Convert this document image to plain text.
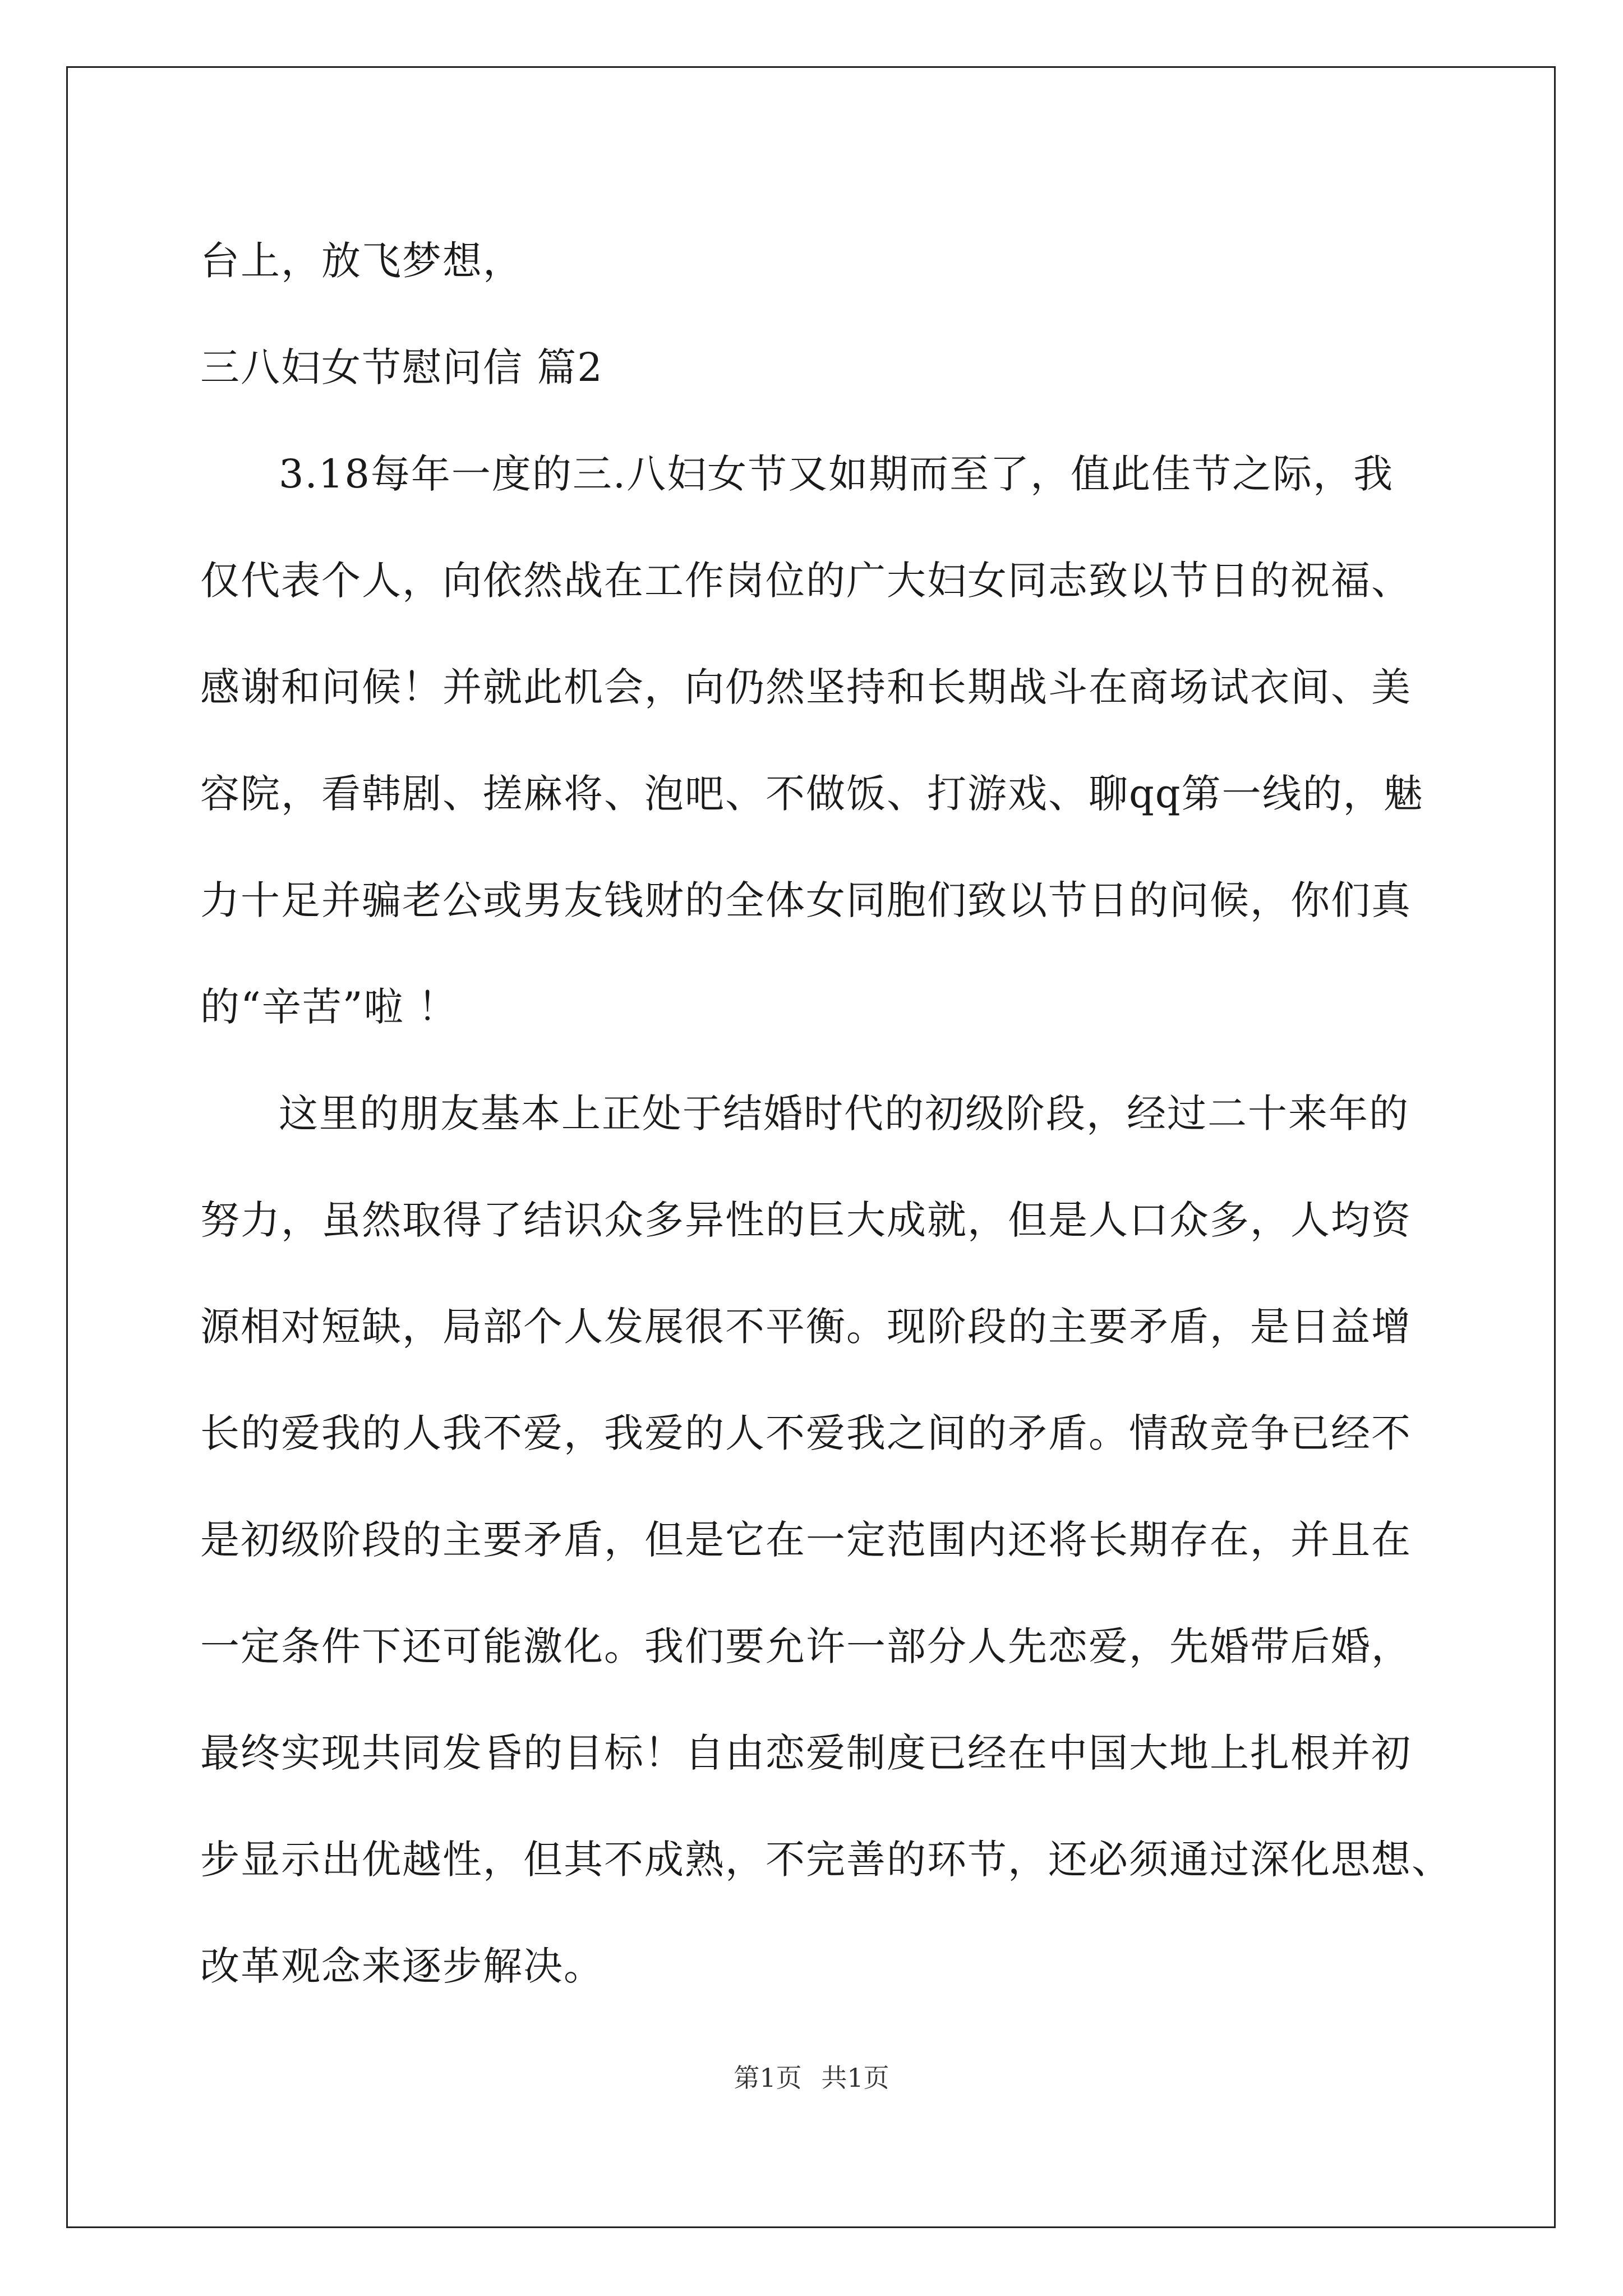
台上，放飞梦想，
三八妇女节慰问信 篇2
3.18每年一度的三.八妇女节又如期而至了，值此佳节之际，我
仅代表个人，向依然战在工作岗位的广大妇女同志致以节日的祝福、
感谢和问候！并就此机会，向仍然坚持和长期战斗在商场试衣间、美
容院，看韩剧、搓麻将、泡吧、不做饭、打游戏、聊qq第一线的，魅
力十足并骗老公或男友钱财的全体女同胞们致以节日的问候，你们真
的“辛苦”啦 ！
这里的朋友基本上正处于结婚时代的初级阶段，经过二十来年的
努力，虽然取得了结识众多异性的巨大成就，但是人口众多，人均资
源相对短缺，局部个人发展很不平衡。现阶段的主要矛盾，是日益增
长的爱我的人我不爱，我爱的人不爱我之间的矛盾。情敌竞争已经不
是初级阶段的主要矛盾，但是它在一定范围内还将长期存在，并且在
一定条件下还可能激化。我们要允许一部分人先恋爱，先婚带后婚，
最终实现共同发昏的目标！自由恋爱制度已经在中国大地上扎根并初
步显示出优越性，但其不成熟，不完善的环节，还必须通过深化思想、
改革观念来逐步解决。
第1页 共1页
